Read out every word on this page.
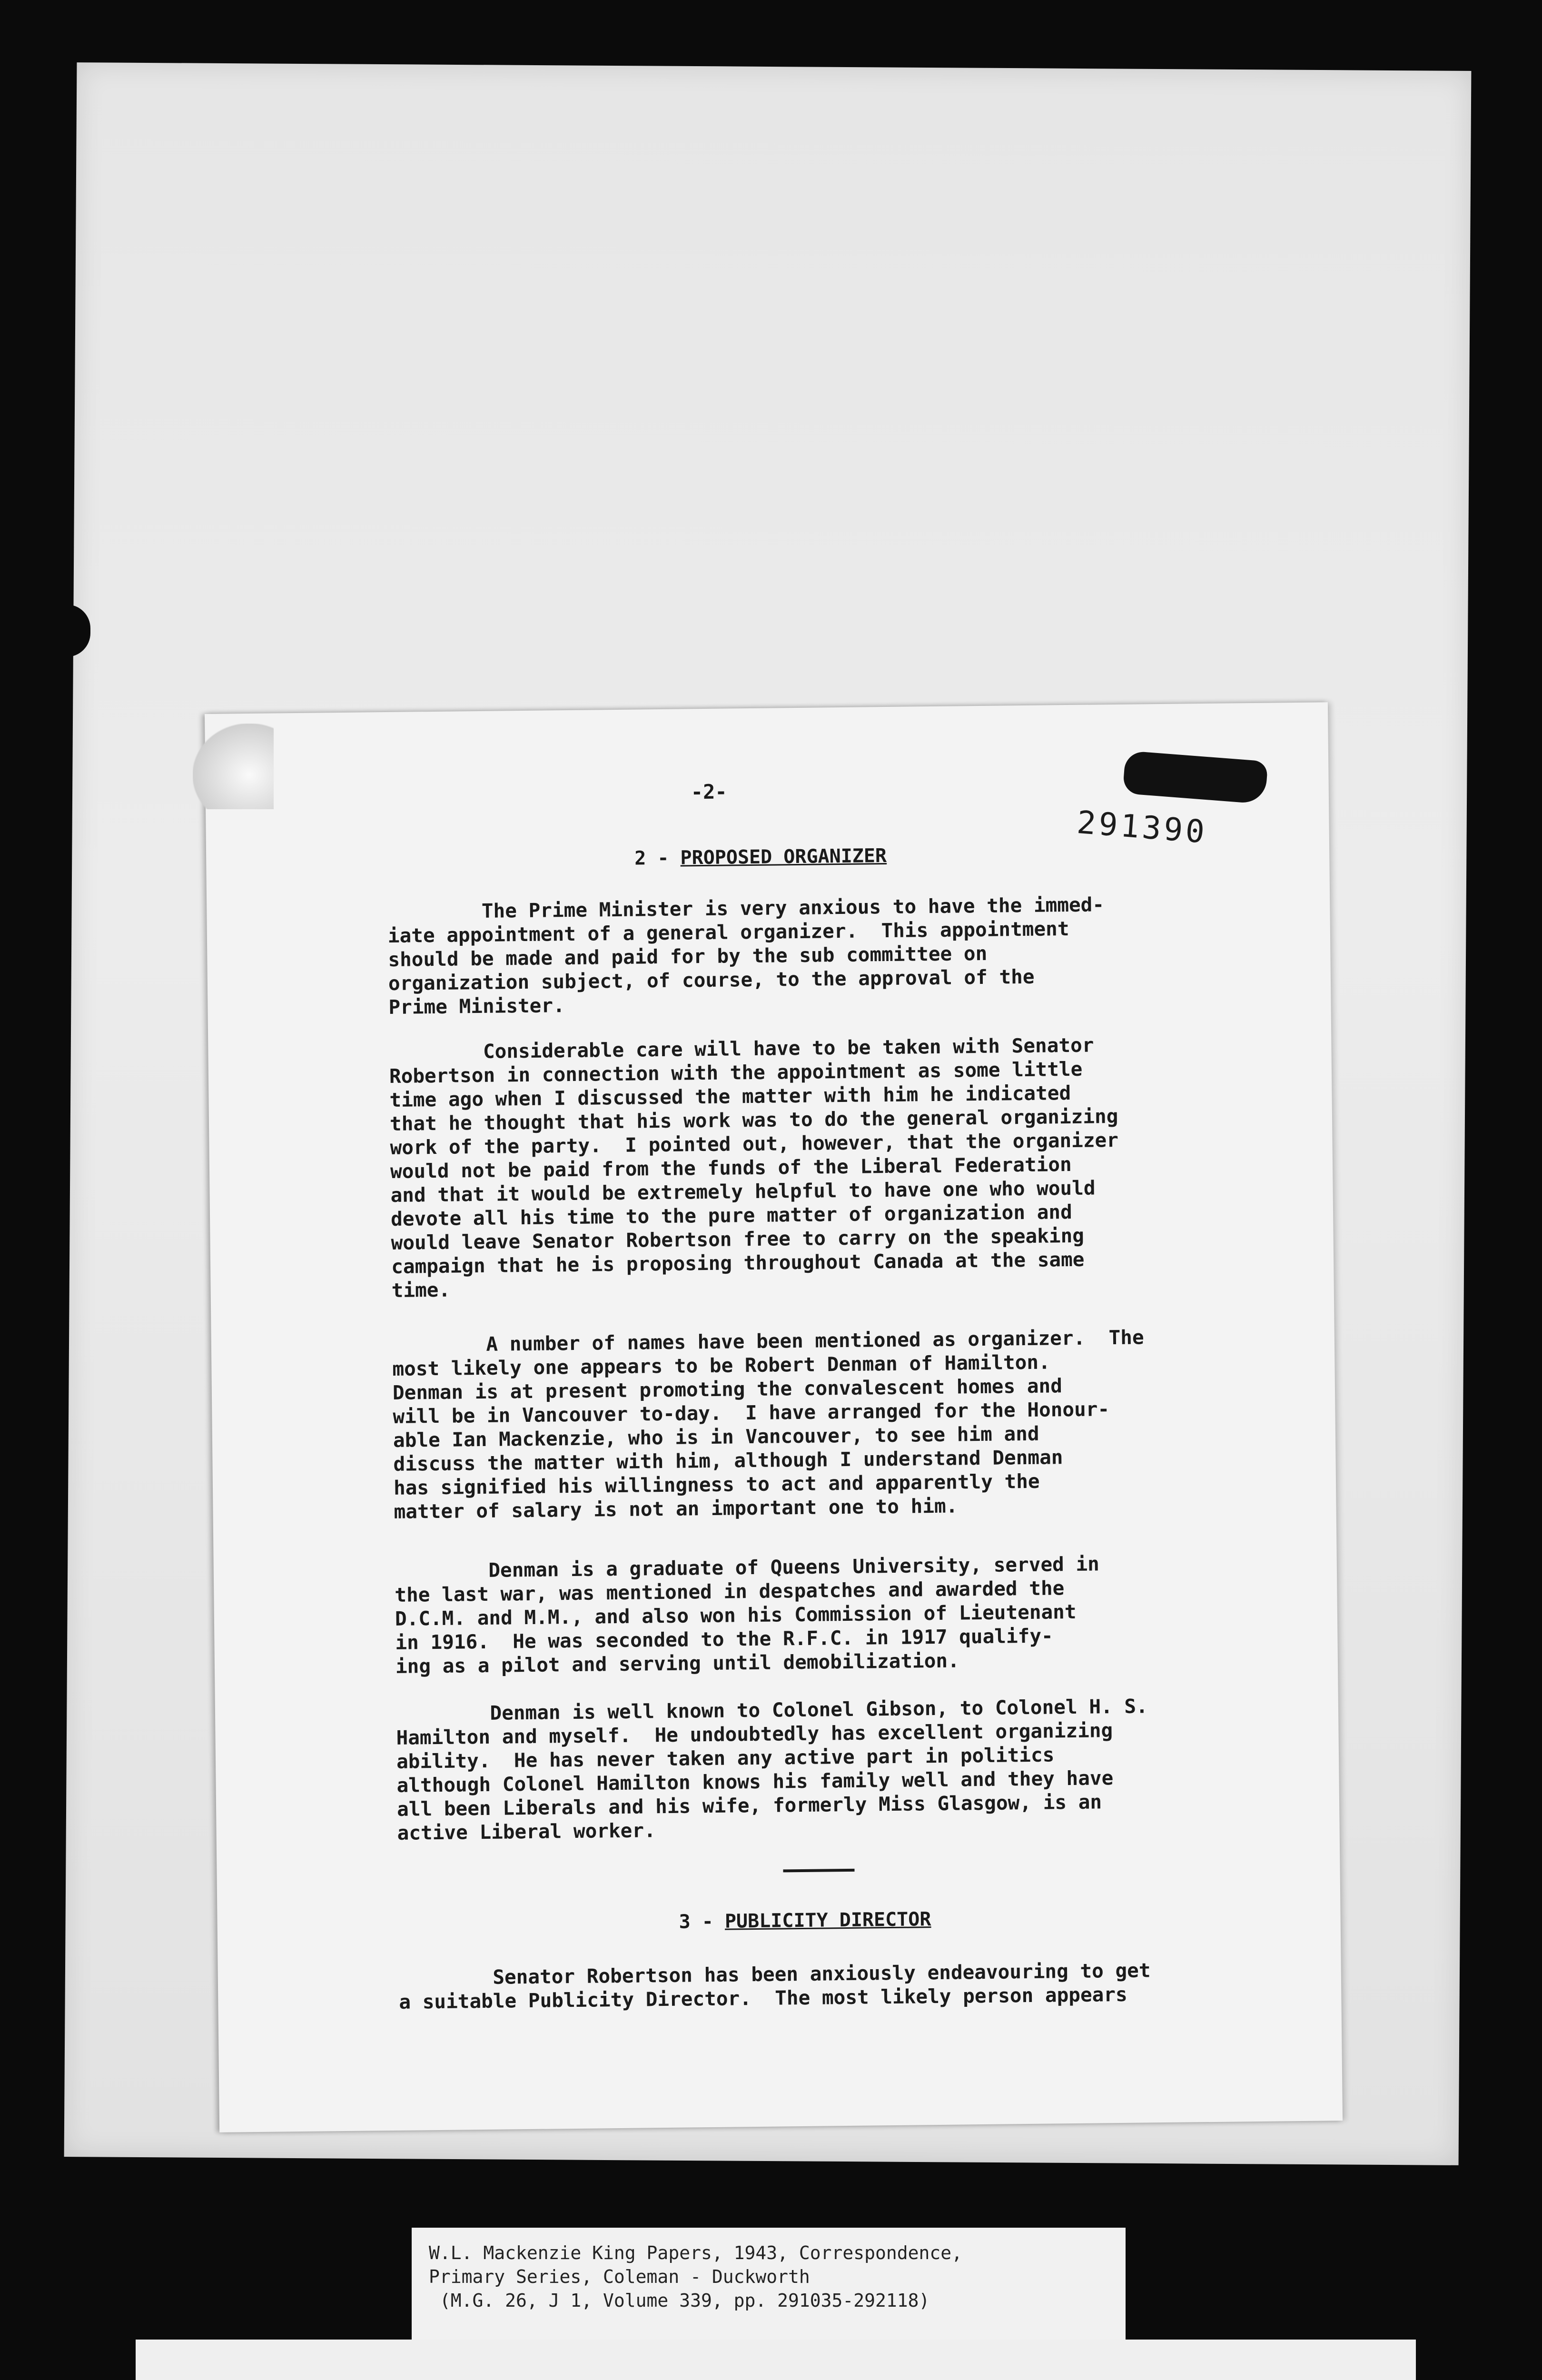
-2-
291390
2 - PROPOSED ORGANIZER

The Prime Minister is very anxious to have the immed-
iate appointment of a general organizer.  This appointment
should be made and paid for by the sub committee on
organization subject, of course, to the approval of the
Prime Minister.

Considerable care will have to be taken with Senator
Robertson in connection with the appointment as some little
time ago when I discussed the matter with him he indicated
that he thought that his work was to do the general organizing
work of the party.  I pointed out, however, that the organizer
would not be paid from the funds of the Liberal Federation
and that it would be extremely helpful to have one who would
devote all his time to the pure matter of organization and
would leave Senator Robertson free to carry on the speaking
campaign that he is proposing throughout Canada at the same
time.

A number of names have been mentioned as organizer.  The
most likely one appears to be Robert Denman of Hamilton.
Denman is at present promoting the convalescent homes and
will be in Vancouver to-day.  I have arranged for the Honour-
able Ian Mackenzie, who is in Vancouver, to see him and
discuss the matter with him, although I understand Denman
has signified his willingness to act and apparently the
matter of salary is not an important one to him.

Denman is a graduate of Queens University, served in
the last war, was mentioned in despatches and awarded the
D.C.M. and M.M., and also won his Commission of Lieutenant
in 1916.  He was seconded to the R.F.C. in 1917 qualify-
ing as a pilot and serving until demobilization.

Denman is well known to Colonel Gibson, to Colonel H. S.
Hamilton and myself.  He undoubtedly has excellent organizing
ability.  He has never taken any active part in politics
although Colonel Hamilton knows his family well and they have
all been Liberals and his wife, formerly Miss Glasgow, is an
active Liberal worker.

3 - PUBLICITY DIRECTOR

Senator Robertson has been anxiously endeavouring to get
a suitable Publicity Director.  The most likely person appears

W.L. Mackenzie King Papers, 1943, Correspondence,

Primary Series, Coleman - Duckworth

(M.G. 26, J 1, Volume 339, pp. 291035-292118)
